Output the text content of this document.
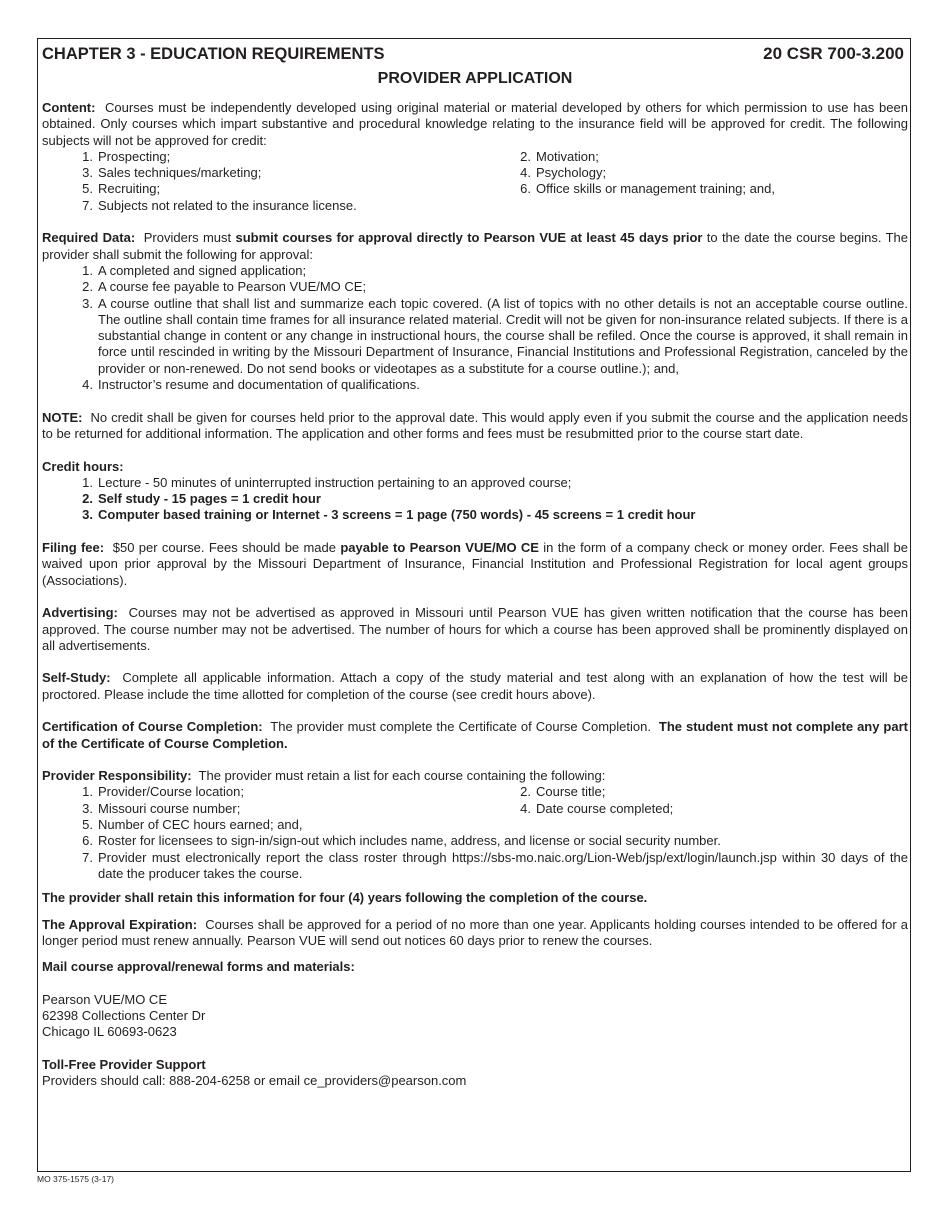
CHAPTER 3 - EDUCATION REQUIREMENTS	20 CSR 700-3.200
PROVIDER APPLICATION

Content: Courses must be independently developed using original material or material developed by others for which permission to use has been obtained. Only courses which impart substantive and procedural knowledge relating to the insurance field will be approved for credit. The following subjects will not be approved for credit:

1. Prospecting;	2. Motivation;
3. Sales techniques/marketing;	4. Psychology;
5. Recruiting;	6. Office skills or management training; and,
7. Subjects not related to the insurance license.

Required Data: Providers must submit courses for approval directly to Pearson VUE at least 45 days prior to the date the course begins. The provider shall submit the following for approval:

1. A completed and signed application;
2. A course fee payable to Pearson VUE/MO CE;
3. A course outline that shall list and summarize each topic covered. (A list of topics with no other details is not an acceptable course outline. The outline shall contain time frames for all insurance related material. Credit will not be given for non-insurance related subjects. If there is a substantial change in content or any change in instructional hours, the course shall be refiled. Once the course is approved, it shall remain in force until rescinded in writing by the Missouri Department of Insurance, Financial Institutions and Professional Registration, canceled by the provider or non-renewed. Do not send books or videotapes as a substitute for a course outline.); and,
4. Instructor’s resume and documentation of qualifications.

NOTE: No credit shall be given for courses held prior to the approval date. This would apply even if you submit the course and the application needs to be returned for additional information. The application and other forms and fees must be resubmitted prior to the course start date.

Credit hours:

1. Lecture - 50 minutes of uninterrupted instruction pertaining to an approved course;
2. Self study - 15 pages = 1 credit hour
3. Computer based training or Internet - 3 screens = 1 page (750 words) - 45 screens = 1 credit hour

Filing fee: $50 per course. Fees should be made payable to Pearson VUE/MO CE in the form of a company check or money order. Fees shall be waived upon prior approval by the Missouri Department of Insurance, Financial Institution and Professional Registration for local agent groups (Associations).

Advertising: Courses may not be advertised as approved in Missouri until Pearson VUE has given written notification that the course has been approved. The course number may not be advertised. The number of hours for which a course has been approved shall be prominently displayed on all advertisements.

Self-Study: Complete all applicable information. Attach a copy of the study material and test along with an explanation of how the test will be proctored. Please include the time allotted for completion of the course (see credit hours above).

Certification of Course Completion: The provider must complete the Certificate of Course Completion. The student must not complete any part of the Certificate of Course Completion.

Provider Responsibility: The provider must retain a list for each course containing the following:

1. Provider/Course location;	2. Course title;
3. Missouri course number;	4. Date course completed;
5. Number of CEC hours earned; and,
6. Roster for licensees to sign-in/sign-out which includes name, address, and license or social security number.
7. Provider must electronically report the class roster through https://sbs-mo.naic.org/Lion-Web/jsp/ext/login/launch.jsp within 30 days of the date the producer takes the course.

The provider shall retain this information for four (4) years following the completion of the course.

The Approval Expiration: Courses shall be approved for a period of no more than one year. Applicants holding courses intended to be offered for a longer period must renew annually. Pearson VUE will send out notices 60 days prior to renew the courses.

Mail course approval/renewal forms and materials:

Pearson VUE/MO CE

62398 Collections Center Dr

Chicago IL 60693-0623

Toll-Free Provider Support

Providers should call: 888-204-6258 or email ce_providers@pearson.com

MO 375-1575 (3-17)
